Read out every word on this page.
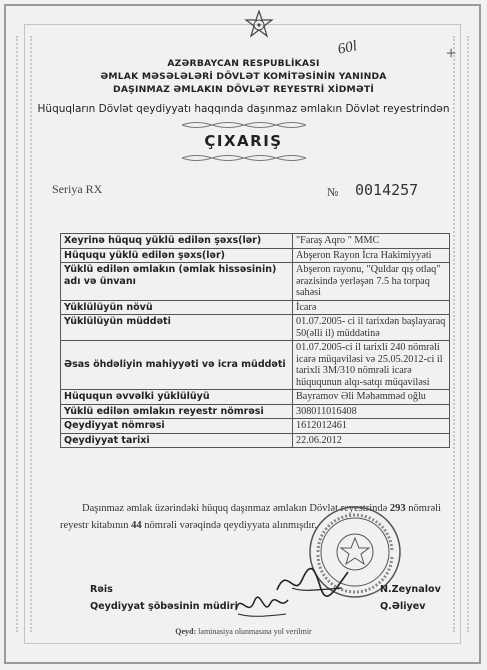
60l	+
AZƏRBAYCAN RESPUBLİKASI
ƏMLAK MƏSƏLƏLƏRİ DÖVLƏT KOMİTƏSİNİN YANINDA
DAŞINMAZ ƏMLAKIN DÖVLƏT REYESTRİ XİDMƏTİ
Hüquqların Dövlət qeydiyyatı haqqında daşınmaz əmlakın Dövlət reyestrindən
ÇIXARIŞ
Seriya RX	№ 0014257
Xeyrinə hüquq yüklü edilən şəxs(lər)	"Faraş Aqro " MMC
Hüququ yüklü edilən şəxs(lər)	Abşeron Rayon İcra Hakimiyyəti
Yüklü edilən əmlakın (əmlak hissəsinin) adı və ünvanı	Abşeron rayonu, "Quldar qış otlaq" ərazisində yerləşən 7.5 ha torpaq sahəsi
Yüklülüyün növü	İcarə
Yüklülüyün müddəti	01.07.2005- ci il tarixdən başlayaraq 50(əlli il) müddətinə
Əsas öhdəliyin mahiyyəti və icra müddəti	01.07.2005-ci il tarixli 240 nömrəli icarə müqaviləsi və 25.05.2012-ci il tarixli 3M/310 nömrəli icarə hüququnun alqı-satqı müqaviləsi
Hüququn əvvəlki yüklülüyü	Bayramov Əli Məhəmməd oğlu
Yüklü edilən əmlakın reyestr nömrəsi	308011016408
Qeydiyyat nömrəsi	1612012461
Qeydiyyat tarixi	22.06.2012
Daşınmaz əmlak üzərindəki hüquq daşınmaz əmlakın Dövlət reyestrində 293 nömrəli reyestr kitabının 44 nömrəli vərəqində qeydiyyata alınmışdır.
Rəis	N.Zeynalov
Qeydiyyat şöbəsinin müdiri	Q.Əliyev
Qeyd: laminasiya olunmasına yol verilmir
